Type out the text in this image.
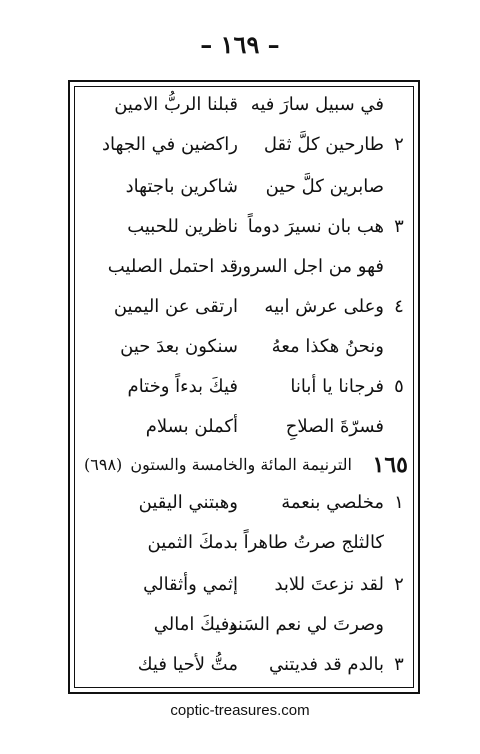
– ١٦٩ –
في سبيل سارَ فيه
قبلنا الربُّ الامين
٢
طارحين كلَّ ثقل
راكضين في الجهاد
صابرين كلَّ حين
شاكرين باجتهاد
٣
هب بان نسيرَ دوماً
ناظرين للحبيب
فهو من اجل السرور
قد احتمل الصليب
٤
وعلى عرش ابيه
ارتقى عن اليمين
ونحنُ هكذا معهُ
سنكون بعدَ حين
٥
فرجانا يا أبانا
فيكَ بدءاً وختام
فسرّةَ الصلاحِ
أكملن بسلام
١٦٥
الترنيمة المائة والخامسة والستون
(٦٩٨)
١
مخلصي بنعمة
وهبتني اليقين
كالثلج صرتُ طاهراً
بدمكَ الثمين
٢
لقد نزعتَ للابد
إثمي وأثقالي
وصرتَ لي نعم السَند
وفيكَ امالي
٣
بالدم قد فديتني
متُّ لأحيا فيك
coptic-treasures.com
